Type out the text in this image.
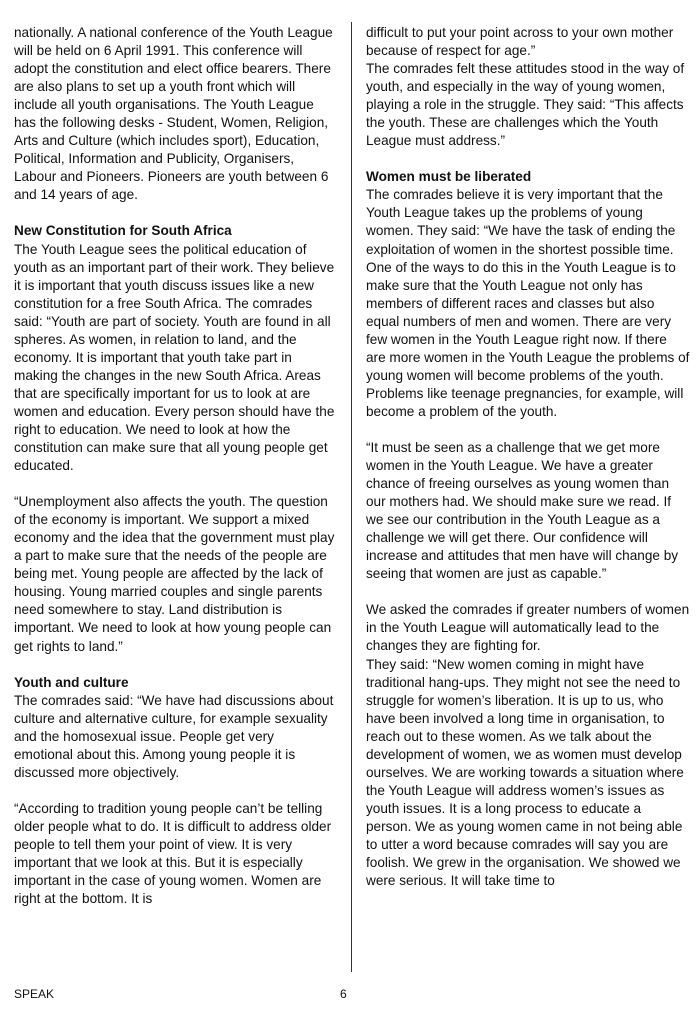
nationally. A national conference of the Youth League will be held on 6 April 1991. This conference will adopt the constitution and elect office bearers. There are also plans to set up a youth front which will include all youth organisations. The Youth League has the following desks - Student, Women, Religion, Arts and Culture (which includes sport), Education, Political, Information and Publicity, Organisers, Labour and Pioneers. Pioneers are youth between 6 and 14 years of age.

New Constitution for South Africa

The Youth League sees the political education of youth as an important part of their work. They believe it is important that youth discuss issues like a new constitution for a free South Africa. The comrades said: “Youth are part of society. Youth are found in all spheres. As women, in relation to land, and the economy. It is important that youth take part in making the changes in the new South Africa. Areas that are specifically important for us to look at are women and education. Every person should have the right to education. We need to look at how the constitution can make sure that all young people get educated.

“Unemployment also affects the youth. The question of the economy is important. We support a mixed economy and the idea that the government must play a part to make sure that the needs of the people are being met. Young people are affected by the lack of housing. Young married couples and single parents need somewhere to stay. Land distribution is important. We need to look at how young people can get rights to land.”

Youth and culture

The comrades said: “We have had discussions about culture and alternative culture, for example sexuality and the homosexual issue. People get very emotional about this. Among young people it is discussed more objectively.

“According to tradition young people can’t be telling older people what to do. It is difficult to address older people to tell them your point of view. It is very important that we look at this. But it is especially important in the case of young women. Women are right at the bottom. It is

difficult to put your point across to your own mother because of respect for age.”

The comrades felt these attitudes stood in the way of youth, and especially in the way of young women, playing a role in the struggle. They said: “This affects the youth. These are challenges which the Youth League must address.”

Women must be liberated

The comrades believe it is very important that the Youth League takes up the problems of young women. They said: “We have the task of ending the exploitation of women in the shortest possible time. One of the ways to do this in the Youth League is to make sure that the Youth League not only has members of different races and classes but also equal numbers of men and women. There are very few women in the Youth League right now. If there are more women in the Youth League the problems of young women will become problems of the youth. Problems like teenage pregnancies, for example, will become a problem of the youth.

“It must be seen as a challenge that we get more women in the Youth League. We have a greater chance of freeing ourselves as young women than our mothers had. We should make sure we read. If we see our contribution in the Youth League as a challenge we will get there. Our confidence will increase and attitudes that men have will change by seeing that women are just as capable.”

We asked the comrades if greater numbers of women in the Youth League will automatically lead to the changes they are fighting for.

They said: “New women coming in might have traditional hang-ups. They might not see the need to struggle for women’s liberation. It is up to us, who have been involved a long time in organisation, to reach out to these women. As we talk about the development of women, we as women must develop ourselves. We are working towards a situation where the Youth League will address women’s issues as youth issues. It is a long process to educate a person. We as young women came in not being able to utter a word because comrades will say you are foolish. We grew in the organisation. We showed we were serious. It will take time to

SPEAK	6
